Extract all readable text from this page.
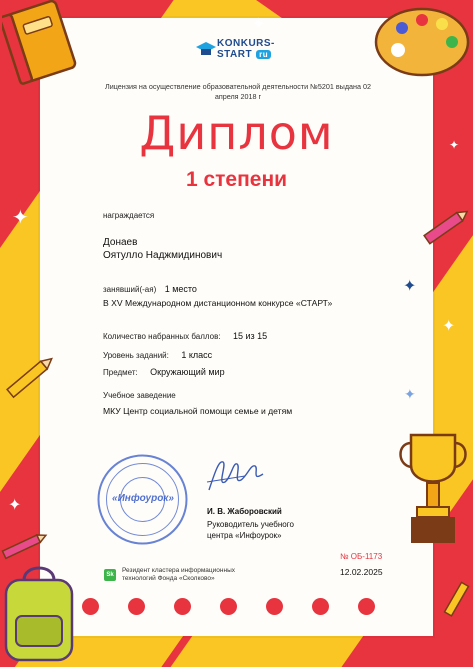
✦
✦
✦
✦
✦
✦
✦
KONKURS-
START ru
Лицензия на осуществление образовательной деятельности №5201 выдана 02 апреля 2018 г
Диплом
1 степени
награждается
Донаев
Оятулло Наджмидинович
занявший(-ая) 1 место
В XV Международном дистанционном конкурсе «СТАРТ»
Количество набранных баллов: 15 из 15
Уровень заданий: 1 класс
Предмет: Окружающий мир
Учебное заведение
МКУ Центр социальной помощи семье и детям
«Инфоурок»
И. В. Жаборовский
Руководитель учебного
центра «Инфоурок»
№ ОБ-1173
12.02.2025
Sk
Резидент кластера информационных
технологий Фонда «Сколково»
